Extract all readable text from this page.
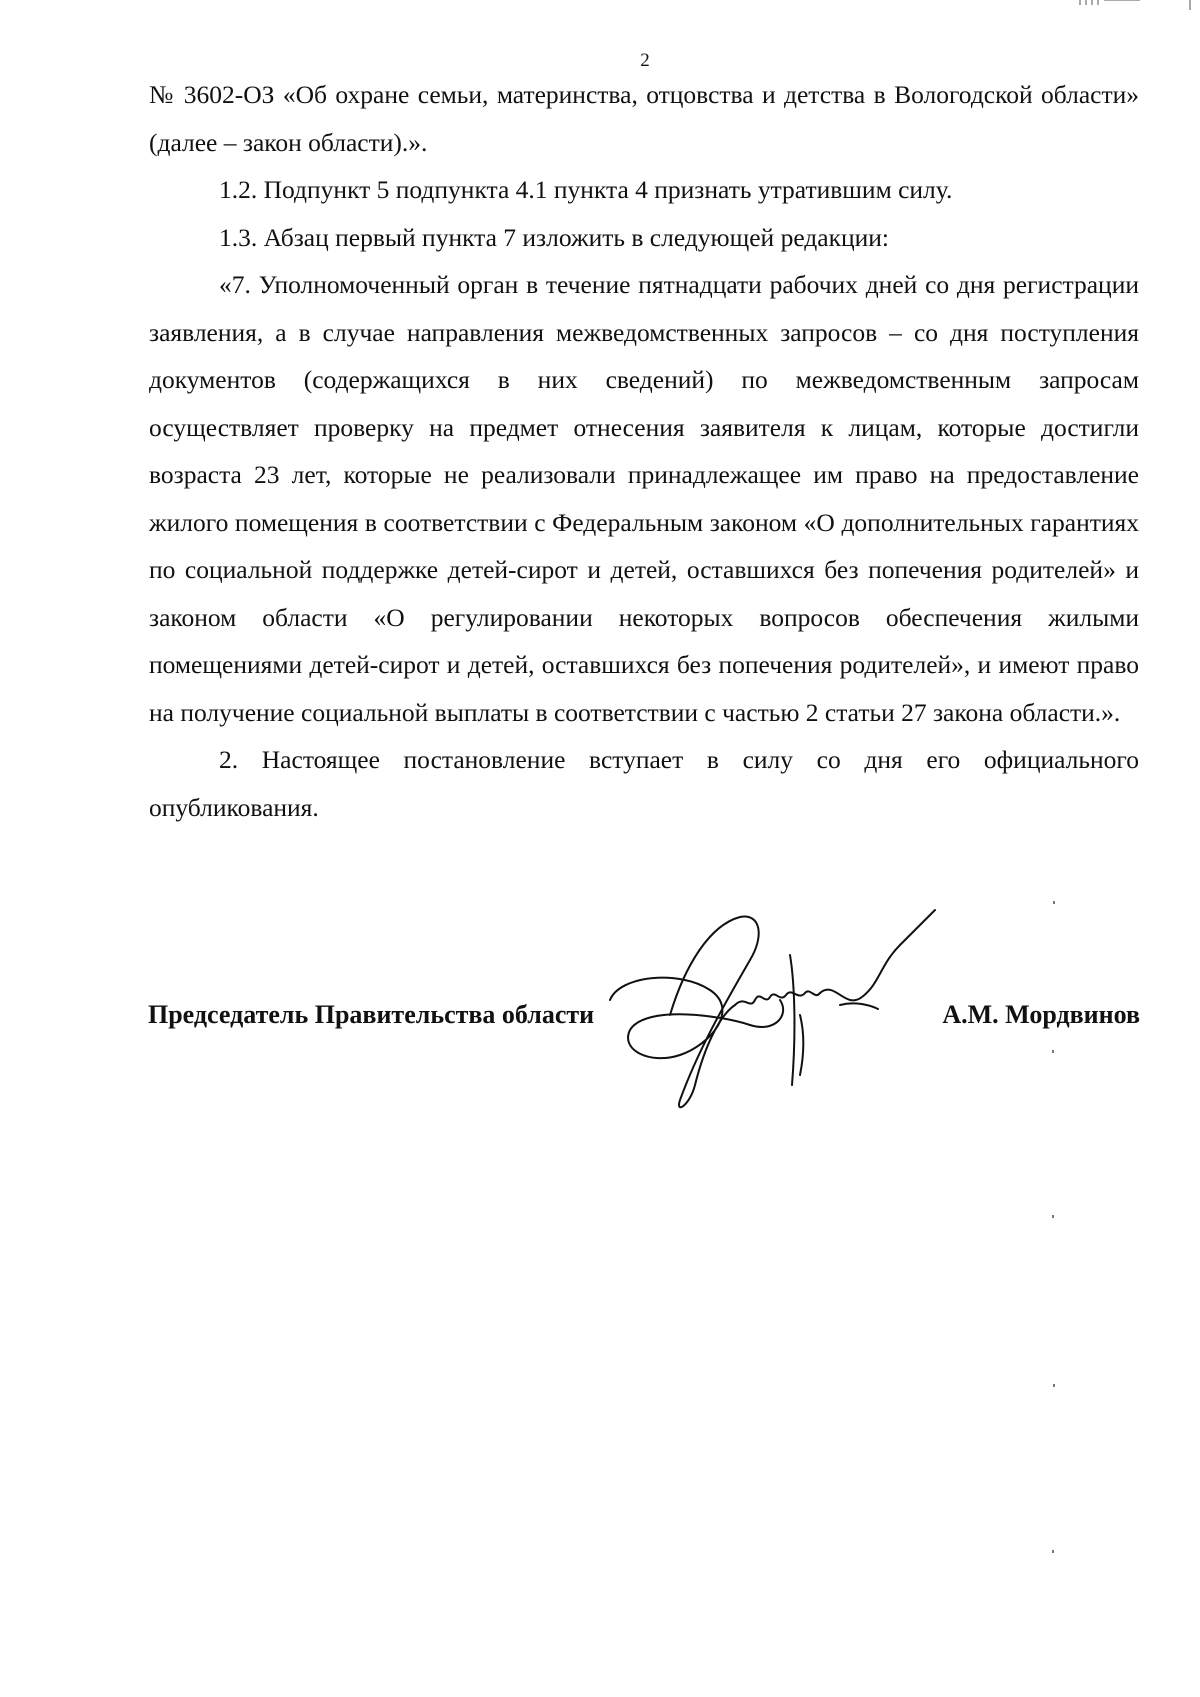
2

№ 3602-ОЗ «Об охране семьи, материнства, отцовства и детства в Вологодской области» (далее – закон области).».

1.2. Подпункт 5 подпункта 4.1 пункта 4 признать утратившим силу.

1.3. Абзац первый пункта 7 изложить в следующей редакции:

«7. Уполномоченный орган в течение пятнадцати рабочих дней со дня регистрации заявления, а в случае направления межведомственных запросов – со дня поступления документов (содержащихся в них сведений) по межведомственным запросам осуществляет проверку на предмет отнесения заявителя к лицам, которые достигли возраста 23 лет, которые не реализовали принадлежащее им право на предоставление жилого помещения в соответствии с Федеральным законом «О дополнительных гарантиях по социальной поддержке детей-сирот и детей, оставшихся без попечения родителей» и законом области «О регулировании некоторых вопросов обеспечения жилыми помещениями детей-сирот и детей, оставшихся без попечения родителей», и имеют право на получение социальной выплаты в соответствии с частью 2 статьи 27 закона области.».

2. Настоящее постановление вступает в силу со дня его официального опубликования.

Председатель Правительства области	А.М. Мордвинов
